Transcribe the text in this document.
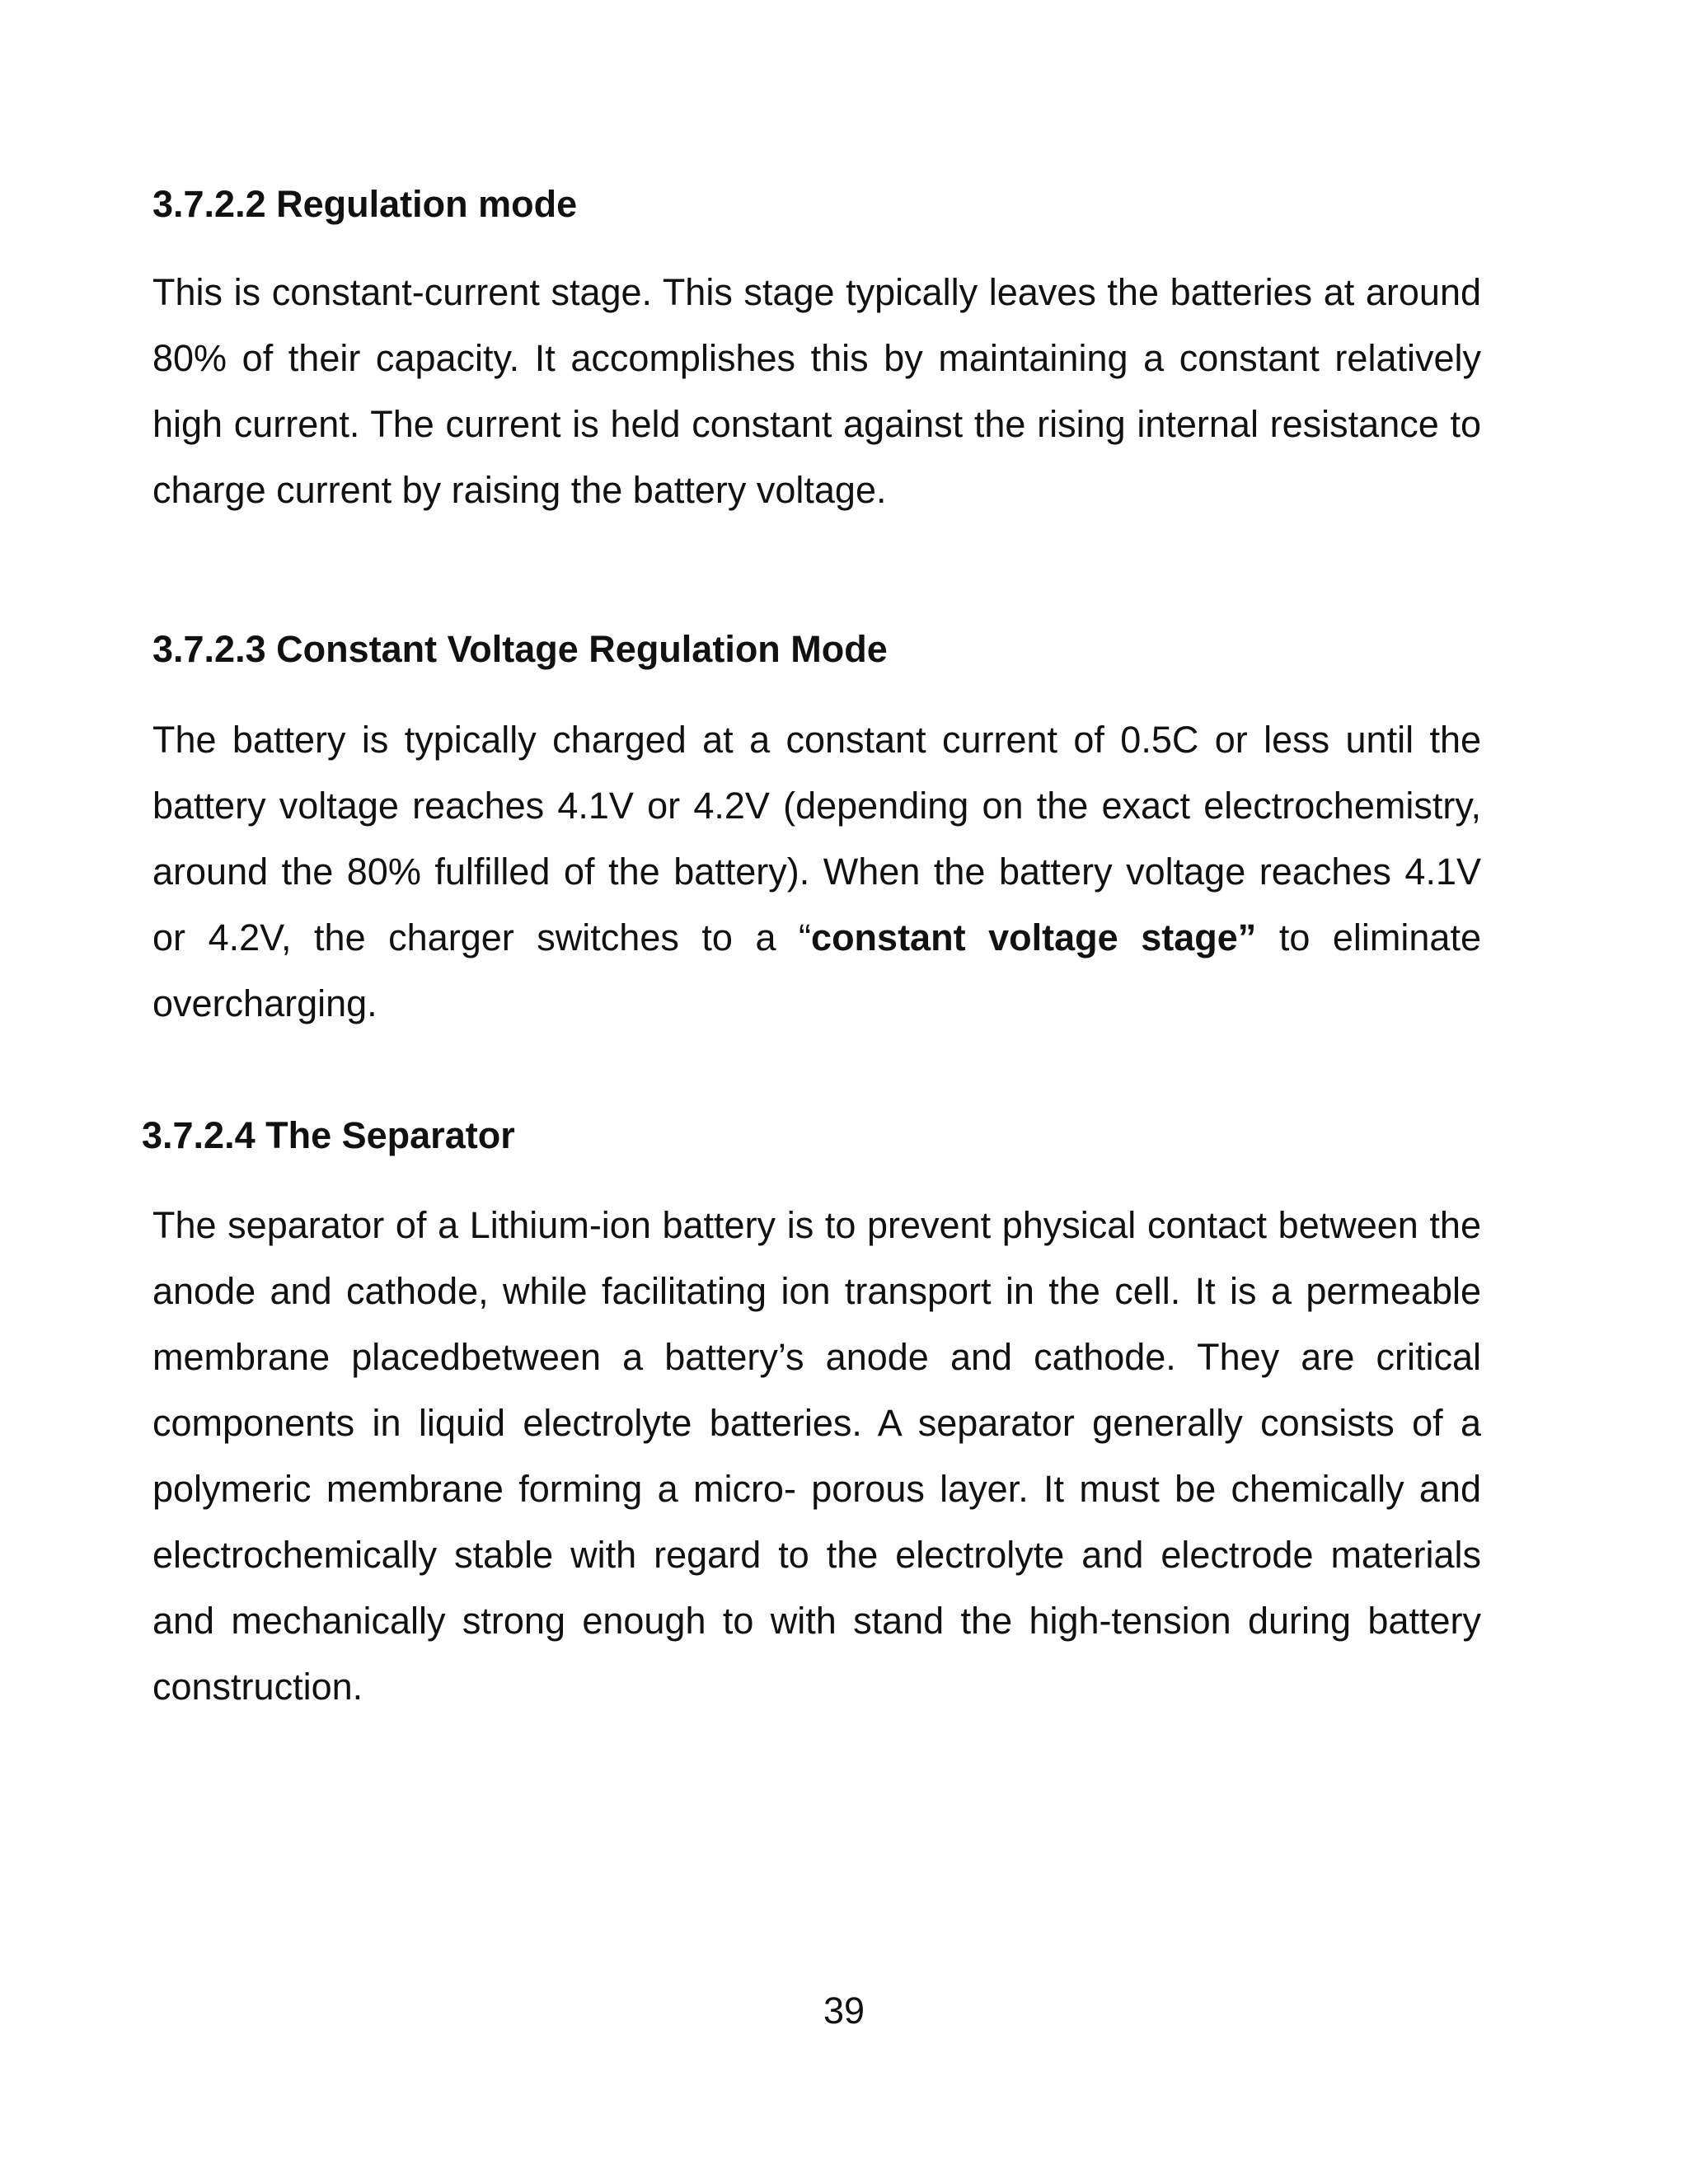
3.7.2.2 Regulation mode

This is constant-current stage. This stage typically leaves the batteries at around 80% of their capacity. It accomplishes this by maintaining a constant relatively high current. The current is held constant against the rising internal resistance to charge current by raising the battery voltage.

3.7.2.3 Constant Voltage Regulation Mode

The battery is typically charged at a constant current of 0.5C or less until the battery voltage reaches 4.1V or 4.2V (depending on the exact electrochemistry, around the 80% fulfilled of the battery). When the battery voltage reaches 4.1V or 4.2V, the charger switches to a “constant voltage stage” to eliminate overcharging.

3.7.2.4 The Separator

The separator of a Lithium-ion battery is to prevent physical contact between the anode and cathode, while facilitating ion transport in the cell. It is a permeable membrane placedbetween a battery’s anode and cathode. They are critical components in liquid electrolyte batteries. A separator generally consists of a polymeric membrane forming a micro- porous layer. It must be chemically and electrochemically stable with regard to the electrolyte and electrode materials and mechanically strong enough to with stand the high-tension during battery construction.

39
